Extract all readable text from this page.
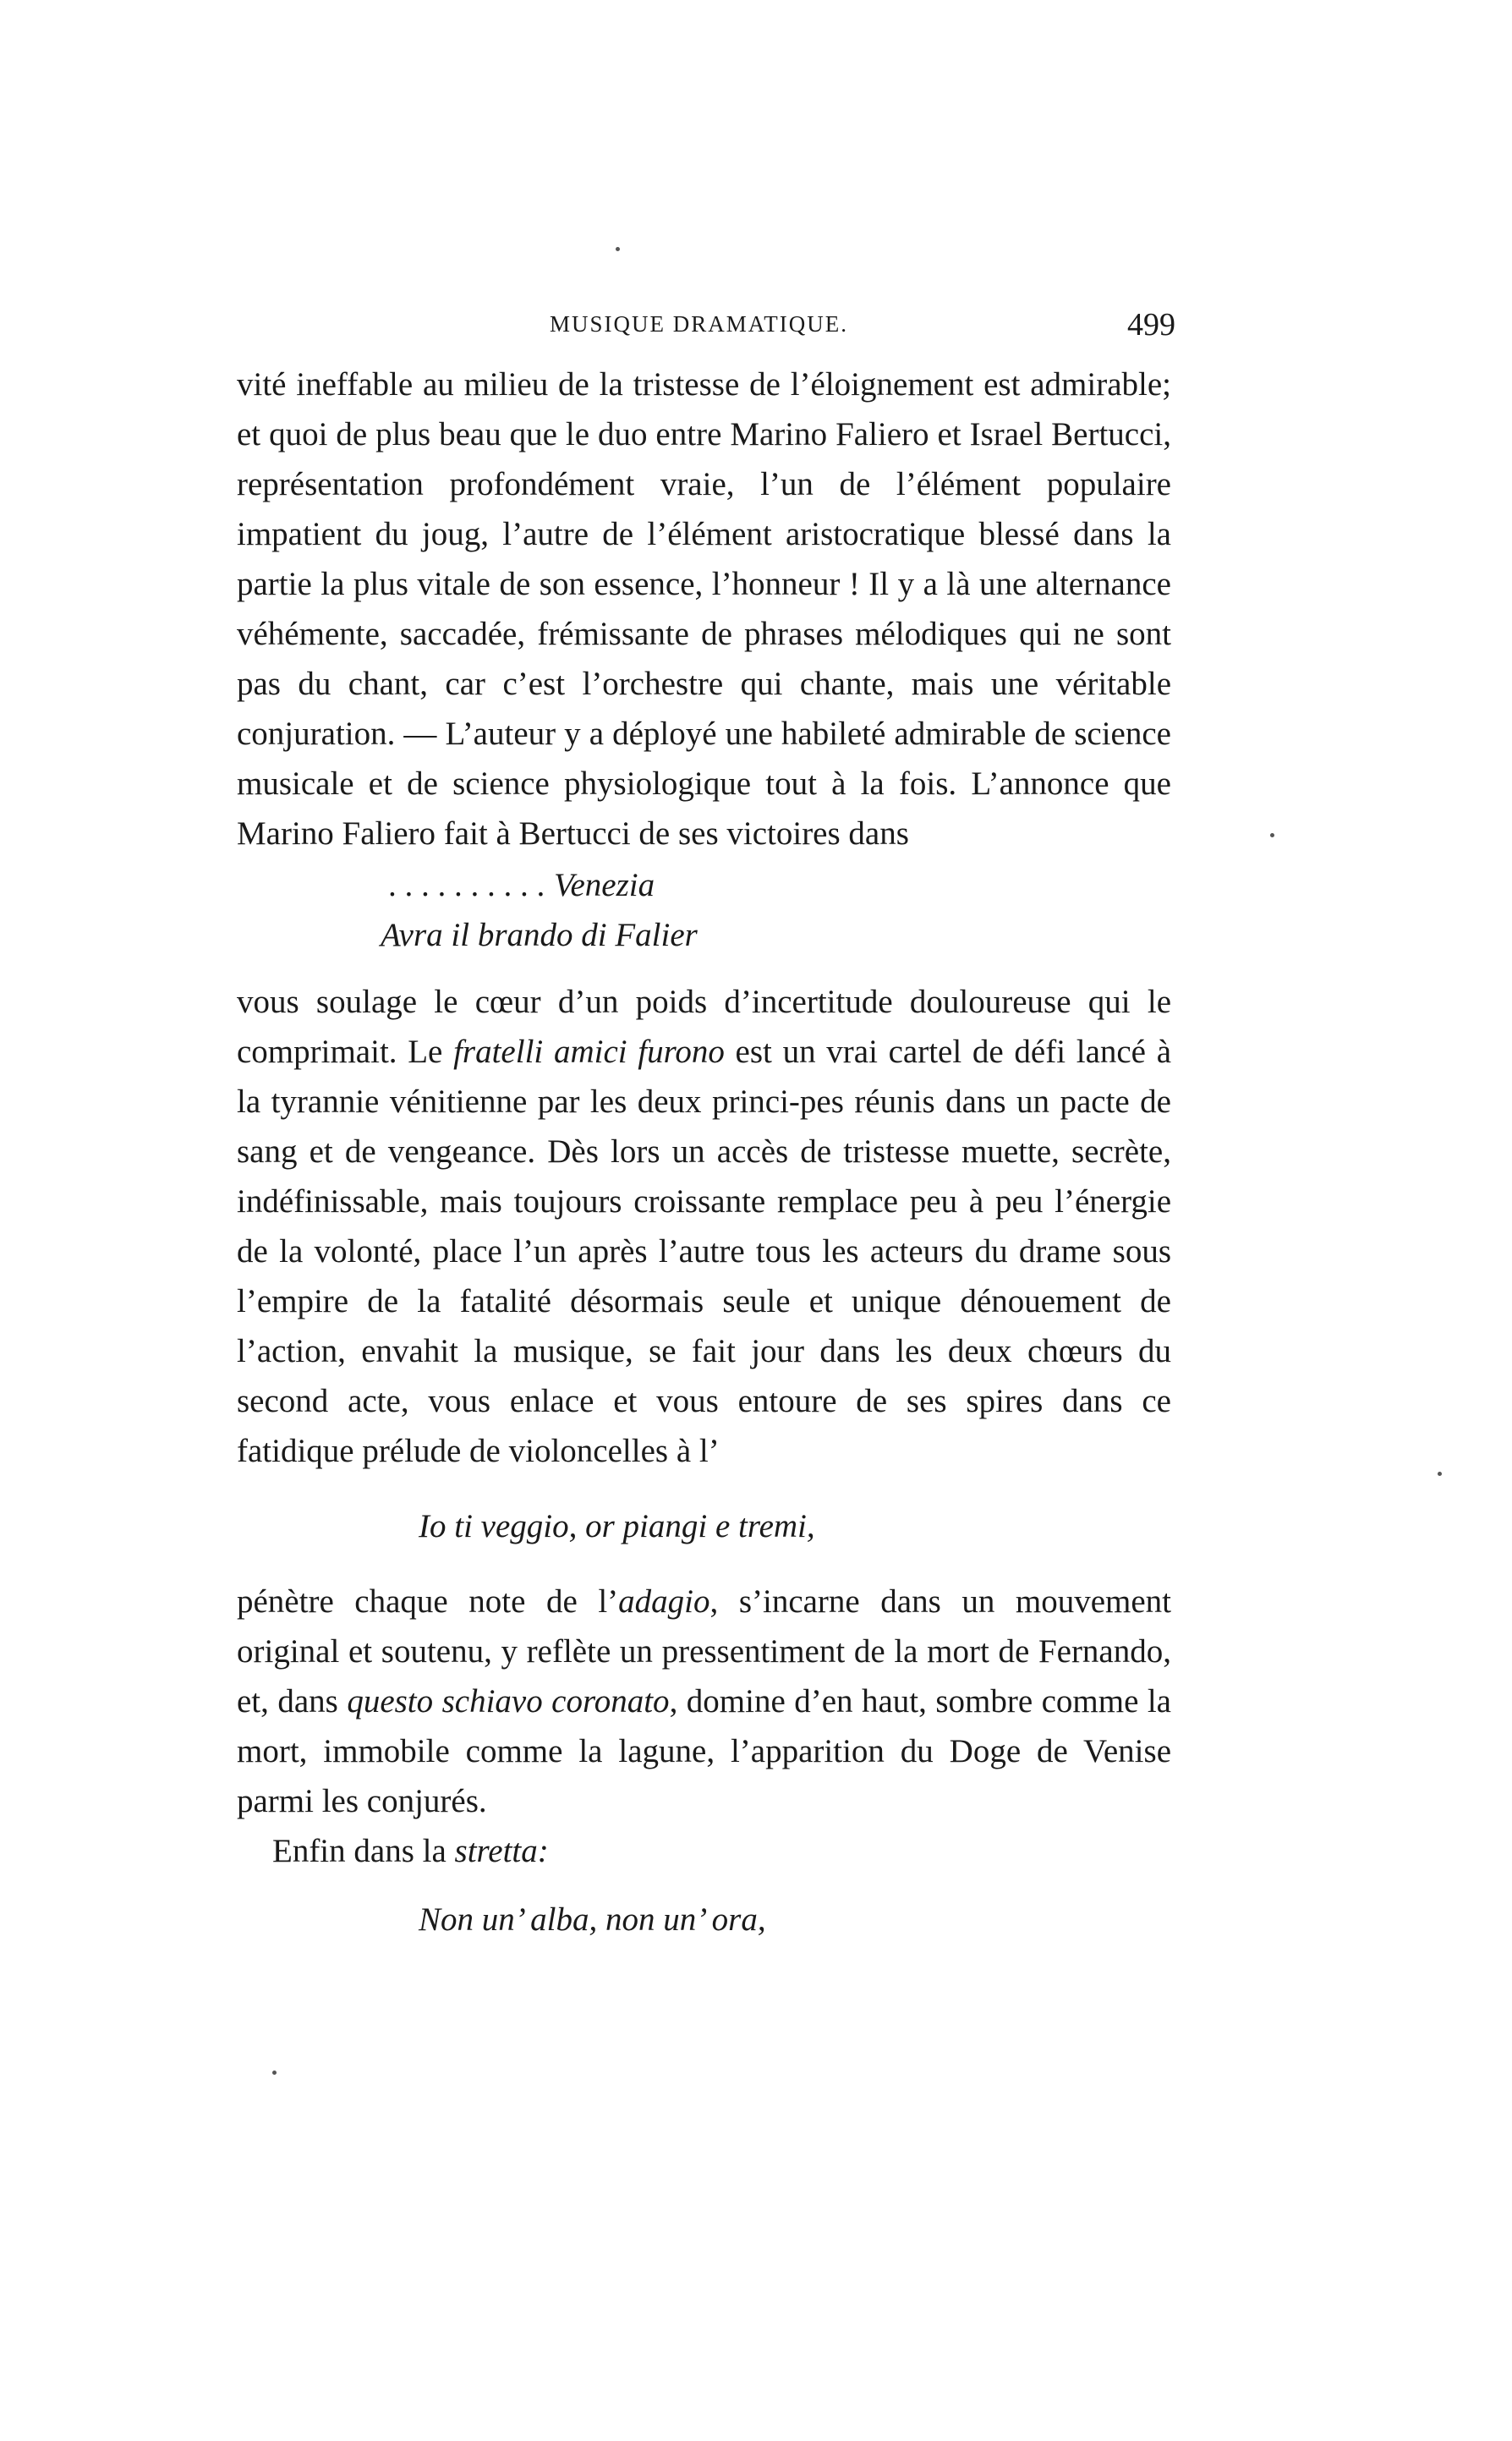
MUSIQUE DRAMATIQUE.	499

vité ineffable au milieu de la tristesse de l’éloignement est admirable; et quoi de plus beau que le duo entre Marino Faliero et Israel Bertucci, représentation profondément vraie, l’un de l’élément populaire impatient du joug, l’autre de l’élément aristocratique blessé dans la partie la plus vitale de son essence, l’honneur ! Il y a là une alternance véhémente, saccadée, frémissante de phrases mélodiques qui ne sont pas du chant, car c’est l’orchestre qui chante, mais une véritable conjuration. — L’auteur y a déployé une habileté admirable de science musicale et de science physiologique tout à la fois. L’annonce que Marino Faliero fait à Bertucci de ses victoires dans

. . . . . . . . . . Venezia

Avra il brando di Falier

vous soulage le cœur d’un poids d’incertitude douloureuse qui le comprimait. Le fratelli amici furono est un vrai cartel de défi lancé à la tyrannie vénitienne par les deux princi-pes réunis dans un pacte de sang et de vengeance. Dès lors un accès de tristesse muette, secrète, indéfinissable, mais toujours croissante remplace peu à peu l’énergie de la volonté, place l’un après l’autre tous les acteurs du drame sous l’empire de la fatalité désormais seule et unique dénouement de l’action, envahit la musique, se fait jour dans les deux chœurs du second acte, vous enlace et vous entoure de ses spires dans ce fatidique prélude de violoncelles à l’

Io ti veggio, or piangi e tremi,

pénètre chaque note de l’adagio, s’incarne dans un mouvement original et soutenu, y reflète un pressentiment de la mort de Fernando, et, dans questo schiavo coronato, domine d’en haut, sombre comme la mort, immobile comme la lagune, l’apparition du Doge de Venise parmi les conjurés.

Enfin dans la stretta:

Non un’ alba, non un’ ora,
